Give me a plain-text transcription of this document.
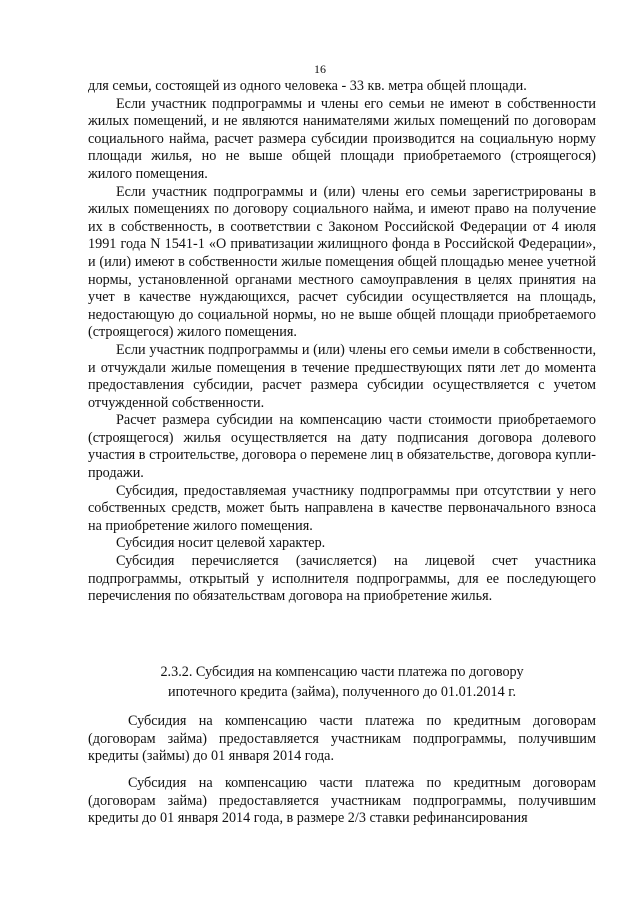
16

для семьи, состоящей из одного человека - 33 кв. метра общей площади.

Если участник подпрограммы и члены его семьи не имеют в собственности жилых помещений, и не являются нанимателями жилых помещений по договорам социального найма, расчет размера субсидии производится на социальную норму площади жилья, но не выше общей площади приобретаемого (строящегося) жилого помещения.

Если участник подпрограммы и (или) члены его семьи зарегистрированы в жилых помещениях по договору социального найма, и имеют право на получение их в собственность, в соответствии с Законом Российской Федерации от 4 июля 1991 года N 1541-1 «О приватизации жилищного фонда в Российской Федерации», и (или) имеют в собственности жилые помещения общей площадью менее учетной нормы, установленной органами местного самоуправления в целях принятия на учет в качестве нуждающихся, расчет субсидии осуществляется на площадь, недостающую до социальной нормы, но не выше общей площади приобретаемого (строящегося) жилого помещения.

Если участник подпрограммы и (или) члены его семьи имели в собственности, и отчуждали жилые помещения в течение предшествующих пяти лет до момента предоставления субсидии, расчет размера субсидии осуществляется с учетом отчужденной собственности.

Расчет размера субсидии на компенсацию части стоимости приобретаемого (строящегося) жилья осуществляется на дату подписания договора долевого участия в строительстве, договора о перемене лиц в обязательстве, договора купли-продажи.

Субсидия, предоставляемая участнику подпрограммы при отсутствии у него собственных средств, может быть направлена в качестве первоначального взноса на приобретение жилого помещения.

Субсидия носит целевой характер.

Субсидия перечисляется (зачисляется) на лицевой счет участника подпрограммы, открытый у исполнителя подпрограммы, для ее последующего перечисления по обязательствам договора на приобретение жилья.

2.3.2. Субсидия на компенсацию части платежа по договору
ипотечного кредита (займа), полученного до 01.01.2014 г.

Субсидия на компенсацию части платежа по кредитным договорам (договорам займа) предоставляется участникам подпрограммы, получившим кредиты (займы) до 01 января 2014 года.

Субсидия на компенсацию части платежа по кредитным договорам (договорам займа) предоставляется участникам подпрограммы, получившим кредиты до 01 января 2014 года, в размере 2/3 ставки рефинансирования
